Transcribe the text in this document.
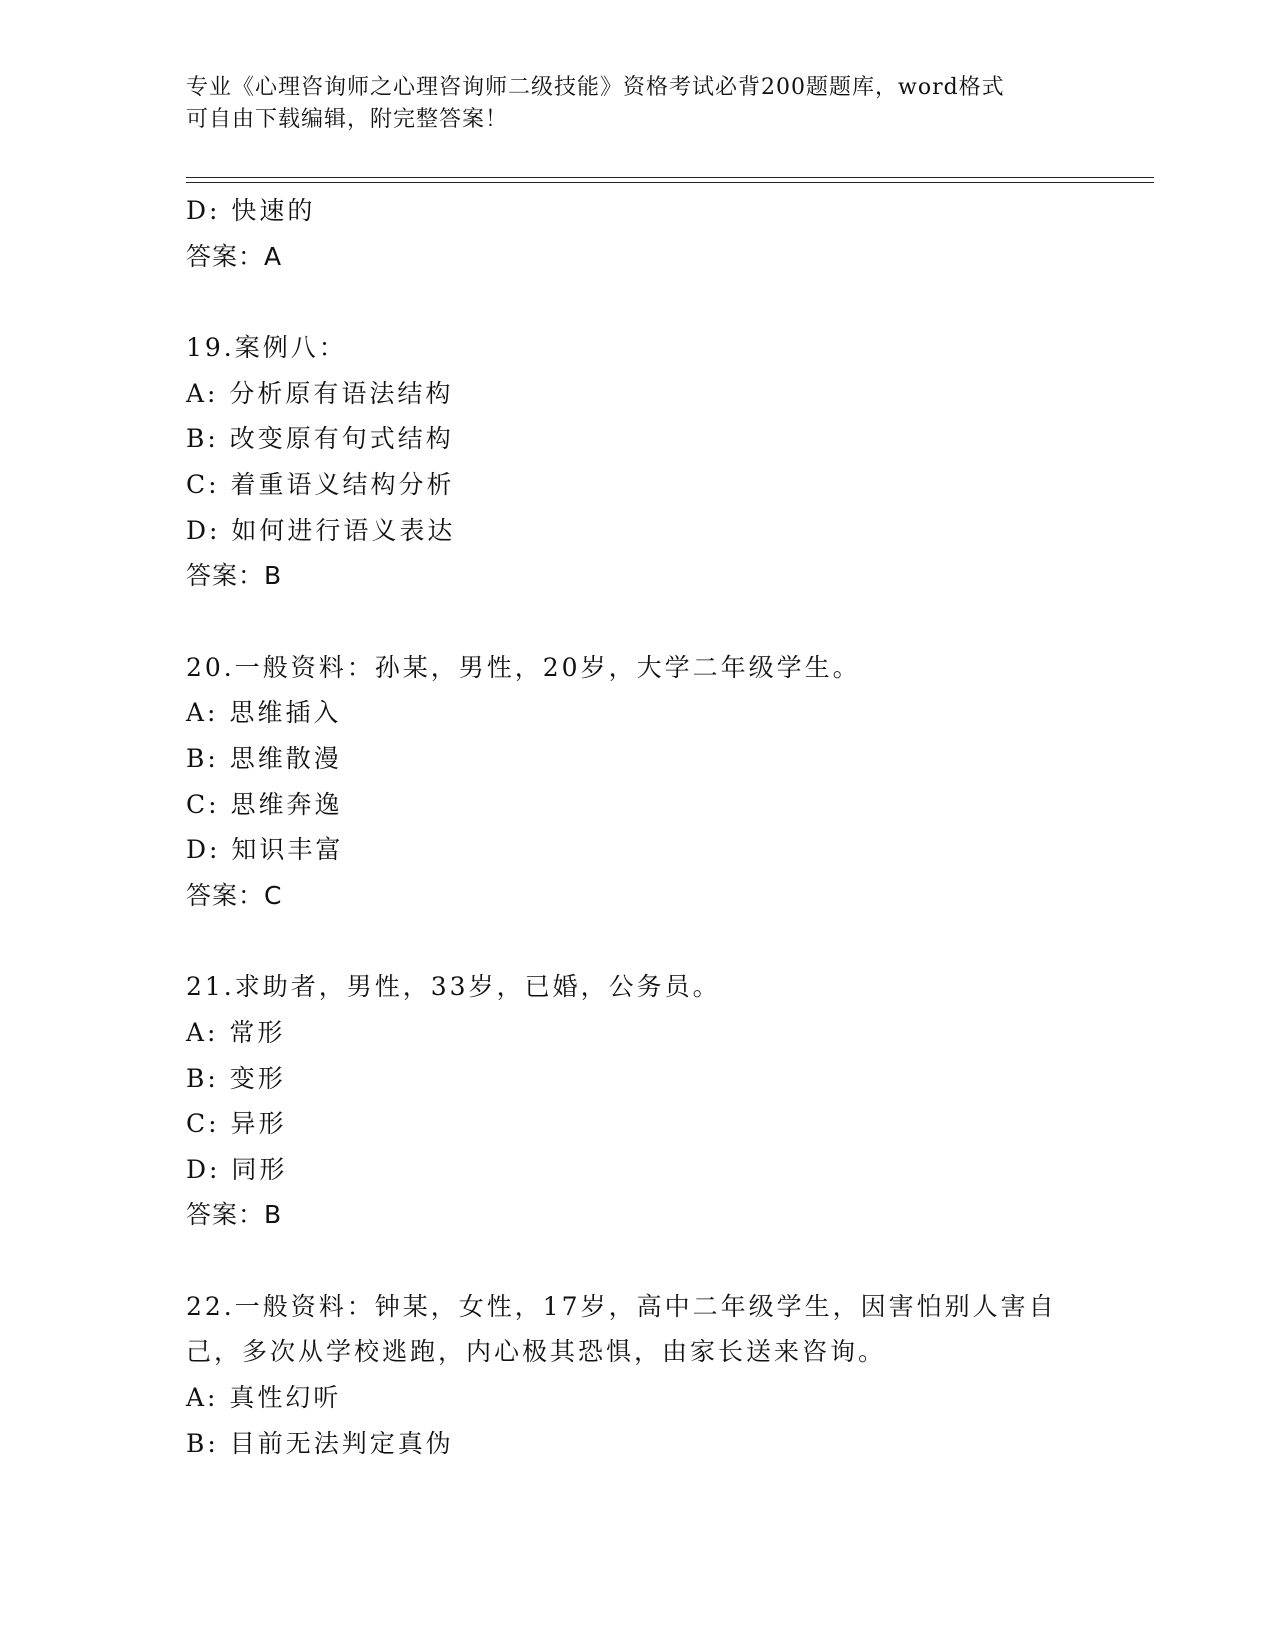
专业《心理咨询师之心理咨询师二级技能》资格考试必背200题题库，word格式
可自由下载编辑，附完整答案！
D: 快速的
答案：A
19.案例八：
A: 分析原有语法结构
B: 改变原有句式结构
C: 着重语义结构分析
D: 如何进行语义表达
答案：B
20.一般资料：孙某，男性，20岁，大学二年级学生。
A: 思维插入
B: 思维散漫
C: 思维奔逸
D: 知识丰富
答案：C
21.求助者，男性，33岁，已婚，公务员。
A: 常形
B: 变形
C: 异形
D: 同形
答案：B
22.一般资料：钟某，女性，17岁，高中二年级学生，因害怕别人害自
己，多次从学校逃跑，内心极其恐惧，由家长送来咨询。
A: 真性幻听
B: 目前无法判定真伪
